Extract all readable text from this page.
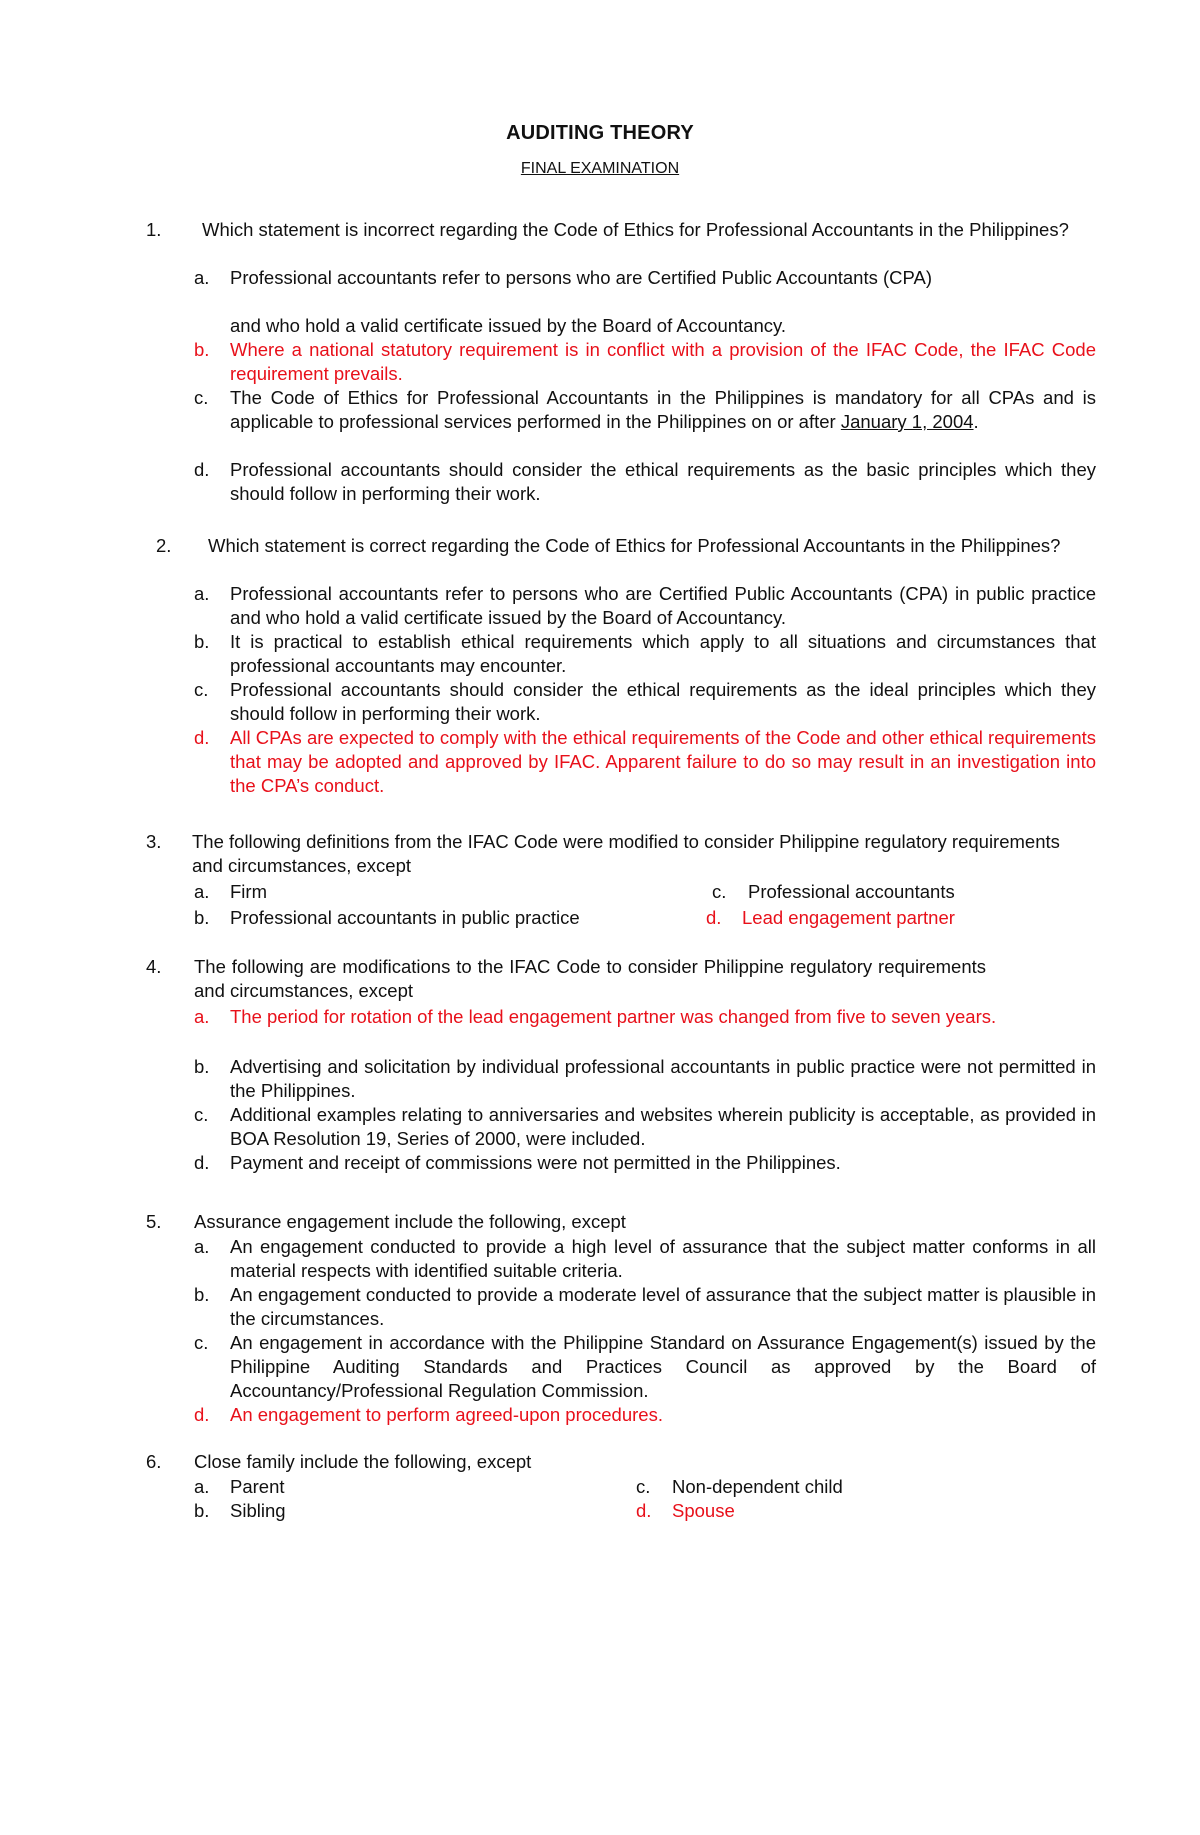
AUDITING THEORY
FINAL EXAMINATION
1.	Which statement is incorrect regarding the Code of Ethics for Professional Accountants in the Philippines?
a. Professional accountants refer to persons who are Certified Public Accountants (CPA)
and who hold a valid certificate issued by the Board of Accountancy.
b. Where a national statutory requirement is in conflict with a provision of the IFAC Code, the IFAC Code requirement prevails.
c. The Code of Ethics for Professional Accountants in the Philippines is mandatory for all CPAs and is applicable to professional services performed in the Philippines on or after January 1, 2004.
d. Professional accountants should consider the ethical requirements as the basic principles which they should follow in performing their work.
2.	Which statement is correct regarding the Code of Ethics for Professional Accountants in the Philippines?
a. Professional accountants refer to persons who are Certified Public Accountants (CPA) in public practice and who hold a valid certificate issued by the Board of Accountancy.
b. It is practical to establish ethical requirements which apply to all situations and circumstances that professional accountants may encounter.
c. Professional accountants should consider the ethical requirements as the ideal principles which they should follow in performing their work.
d. All CPAs are expected to comply with the ethical requirements of the Code and other ethical requirements that may be adopted and approved by IFAC. Apparent failure to do so may result in an investigation into the CPA’s conduct.
3. The following definitions from the IFAC Code were modified to consider Philippine regulatory requirements and circumstances, except
a. Firm
b. Professional accountants in public practice
c. Professional accountants
d. Lead engagement partner
4. The following are modifications to the IFAC Code to consider Philippine regulatory requirements and circumstances, except
a. The period for rotation of the lead engagement partner was changed from five to seven years.
b. Advertising and solicitation by individual professional accountants in public practice were not permitted in the Philippines.
c. Additional examples relating to anniversaries and websites wherein publicity is acceptable, as provided in BOA Resolution 19, Series of 2000, were included.
d. Payment and receipt of commissions were not permitted in the Philippines.
5. Assurance engagement include the following, except
a. An engagement conducted to provide a high level of assurance that the subject matter conforms in all material respects with identified suitable criteria.
b. An engagement conducted to provide a moderate level of assurance that the subject matter is plausible in the circumstances.
c. An engagement in accordance with the Philippine Standard on Assurance Engagement(s) issued by the Philippine Auditing Standards and Practices Council as approved by the Board of Accountancy/Professional Regulation Commission.
d. An engagement to perform agreed-upon procedures.
6. Close family include the following, except
a. Parent
b. Sibling
c. Non-dependent child
d. Spouse
